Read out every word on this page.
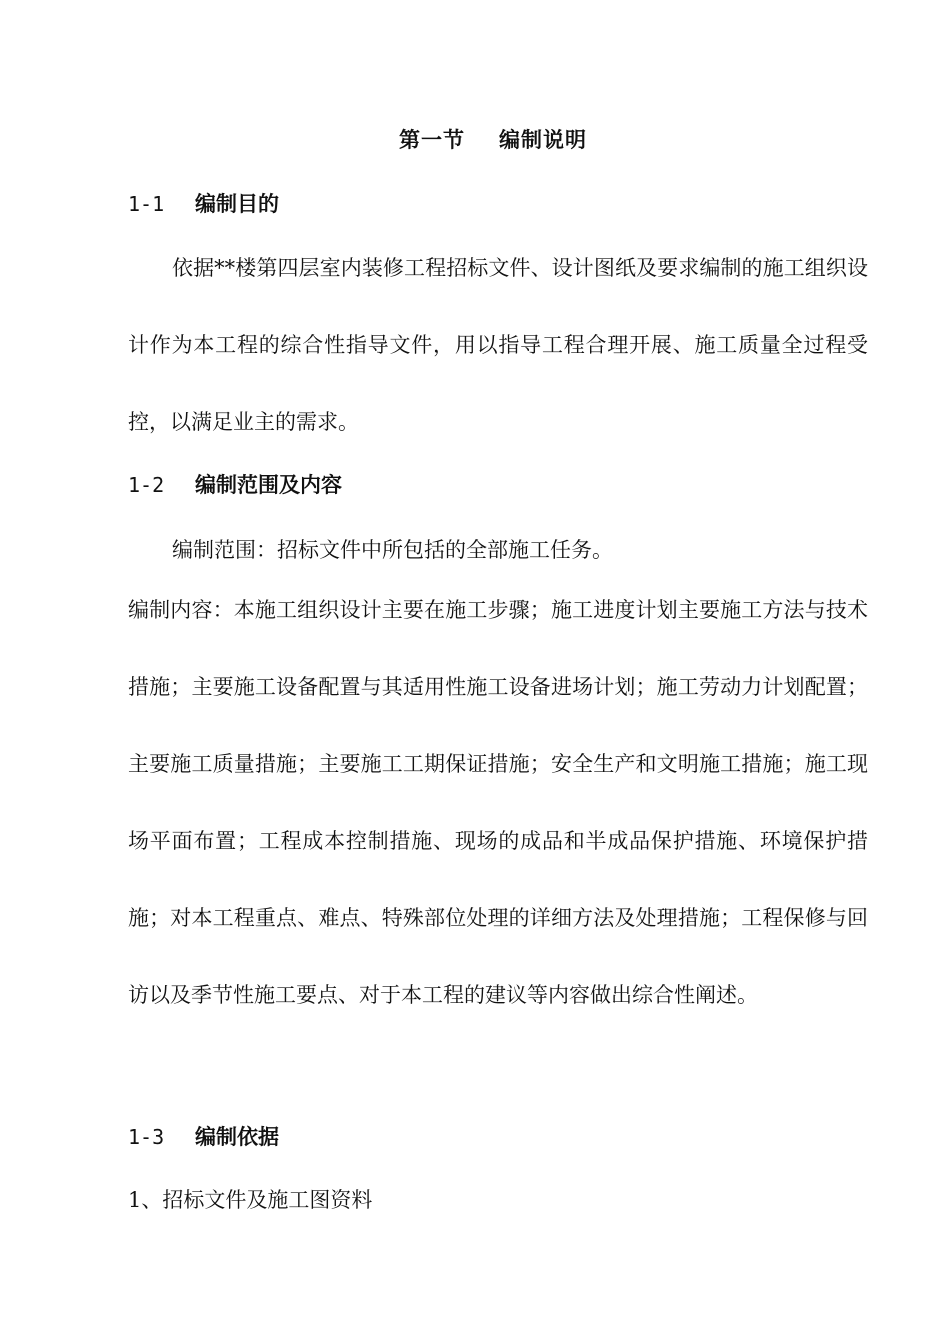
第一节 编制说明
1-1 编制目的

依据**楼第四层室内装修工程招标文件、设计图纸及要求编制的施工组织设计作为本工程的综合性指导文件，用以指导工程合理开展、施工质量全过程受控，以满足业主的需求。

1-2 编制范围及内容
编制范围：招标文件中所包括的全部施工任务。

编制内容：本施工组织设计主要在施工步骤；施工进度计划主要施工方法与技术措施；主要施工设备配置与其适用性施工设备进场计划；施工劳动力计划配置；主要施工质量措施；主要施工工期保证措施；安全生产和文明施工措施；施工现场平面布置；工程成本控制措施、现场的成品和半成品保护措施、环境保护措施；对本工程重点、难点、特殊部位处理的详细方法及处理措施；工程保修与回访以及季节性施工要点、对于本工程的建议等内容做出综合性阐述。

1-3 编制依据
1、招标文件及施工图资料
